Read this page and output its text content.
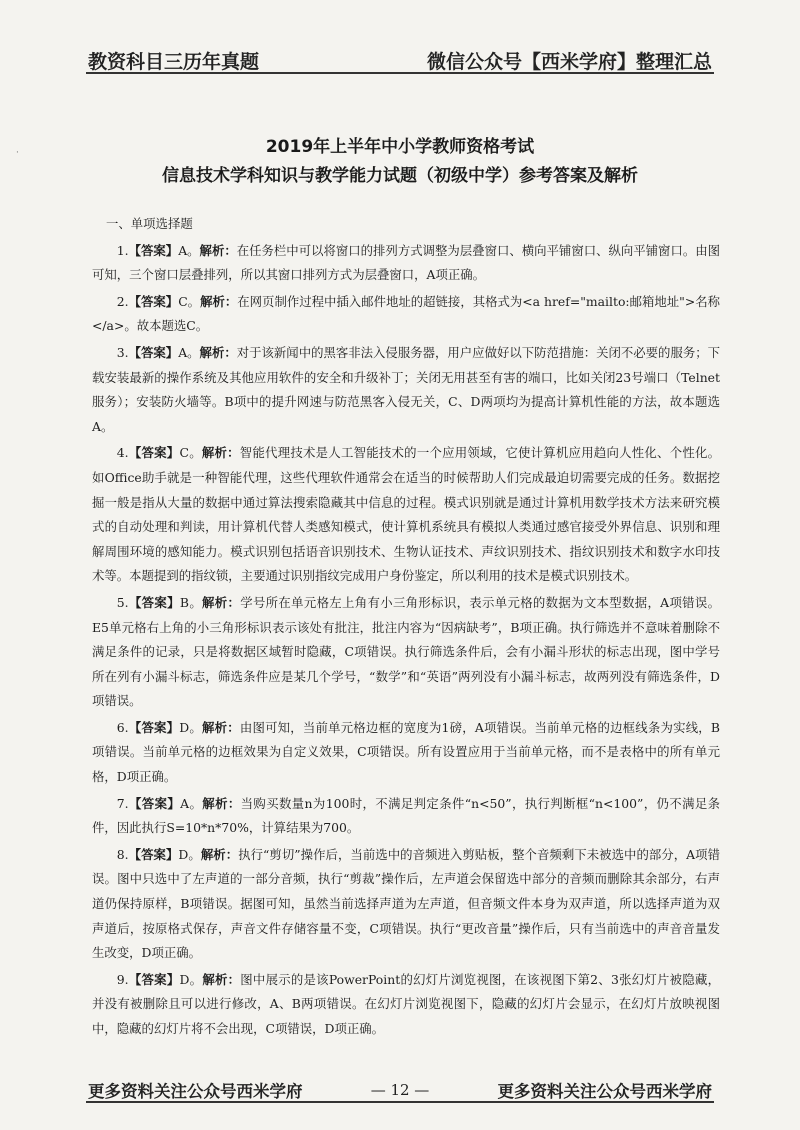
教资科目三历年真题	微信公众号【西米学府】整理汇总
·	2019年上半年中小学教师资格考试
信息技术学科知识与教学能力试题（初级中学）参考答案及解析
一、单项选择题

1.【答案】A。解析：在任务栏中可以将窗口的排列方式调整为层叠窗口、横向平铺窗口、纵向平铺窗口。由图可知，三个窗口层叠排列，所以其窗口排列方式为层叠窗口，A项正确。

2.【答案】C。解析：在网页制作过程中插入邮件地址的超链接，其格式为<a href="mailto:邮箱地址">名称</a>。故本题选C。

3.【答案】A。解析：对于该新闻中的黑客非法入侵服务器，用户应做好以下防范措施：关闭不必要的服务；下载安装最新的操作系统及其他应用软件的安全和升级补丁；关闭无用甚至有害的端口，比如关闭23号端口（Telnet服务）；安装防火墙等。B项中的提升网速与防范黑客入侵无关，C、D两项均为提高计算机性能的方法，故本题选A。

4.【答案】C。解析：智能代理技术是人工智能技术的一个应用领域，它使计算机应用趋向人性化、个性化。如Office助手就是一种智能代理，这些代理软件通常会在适当的时候帮助人们完成最迫切需要完成的任务。数据挖掘一般是指从大量的数据中通过算法搜索隐藏其中信息的过程。模式识别就是通过计算机用数学技术方法来研究模式的自动处理和判读，用计算机代替人类感知模式，使计算机系统具有模拟人类通过感官接受外界信息、识别和理解周围环境的感知能力。模式识别包括语音识别技术、生物认证技术、声纹识别技术、指纹识别技术和数字水印技术等。本题提到的指纹锁，主要通过识别指纹完成用户身份鉴定，所以利用的技术是模式识别技术。

5.【答案】B。解析：学号所在单元格左上角有小三角形标识，表示单元格的数据为文本型数据，A项错误。E5单元格右上角的小三角形标识表示该处有批注，批注内容为“因病缺考”，B项正确。执行筛选并不意味着删除不满足条件的记录，只是将数据区域暂时隐藏，C项错误。执行筛选条件后，会有小漏斗形状的标志出现，图中学号所在列有小漏斗标志，筛选条件应是某几个学号，“数学”和“英语”两列没有小漏斗标志，故两列没有筛选条件，D项错误。

6.【答案】D。解析：由图可知，当前单元格边框的宽度为1磅，A项错误。当前单元格的边框线条为实线，B项错误。当前单元格的边框效果为自定义效果，C项错误。所有设置应用于当前单元格，而不是表格中的所有单元格，D项正确。

7.【答案】A。解析：当购买数量n为100时，不满足判定条件“n<50”，执行判断框“n<100”，仍不满足条件，因此执行S=10*n*70%，计算结果为700。

8.【答案】D。解析：执行“剪切”操作后，当前选中的音频进入剪贴板，整个音频剩下未被选中的部分，A项错误。图中只选中了左声道的一部分音频，执行“剪裁”操作后，左声道会保留选中部分的音频而删除其余部分，右声道仍保持原样，B项错误。据图可知，虽然当前选择声道为左声道，但音频文件本身为双声道，所以选择声道为双声道后，按原格式保存，声音文件存储容量不变，C项错误。执行“更改音量”操作后，只有当前选中的声音音量发生改变，D项正确。

9.【答案】D。解析：图中展示的是该PowerPoint的幻灯片浏览视图，在该视图下第2、3张幻灯片被隐藏，并没有被删除且可以进行修改，A、B两项错误。在幻灯片浏览视图下，隐藏的幻灯片会显示，在幻灯片放映视图中，隐藏的幻灯片将不会出现，C项错误，D项正确。

更多资料关注公众号西米学府	— 12 —	更多资料关注公众号西米学府
